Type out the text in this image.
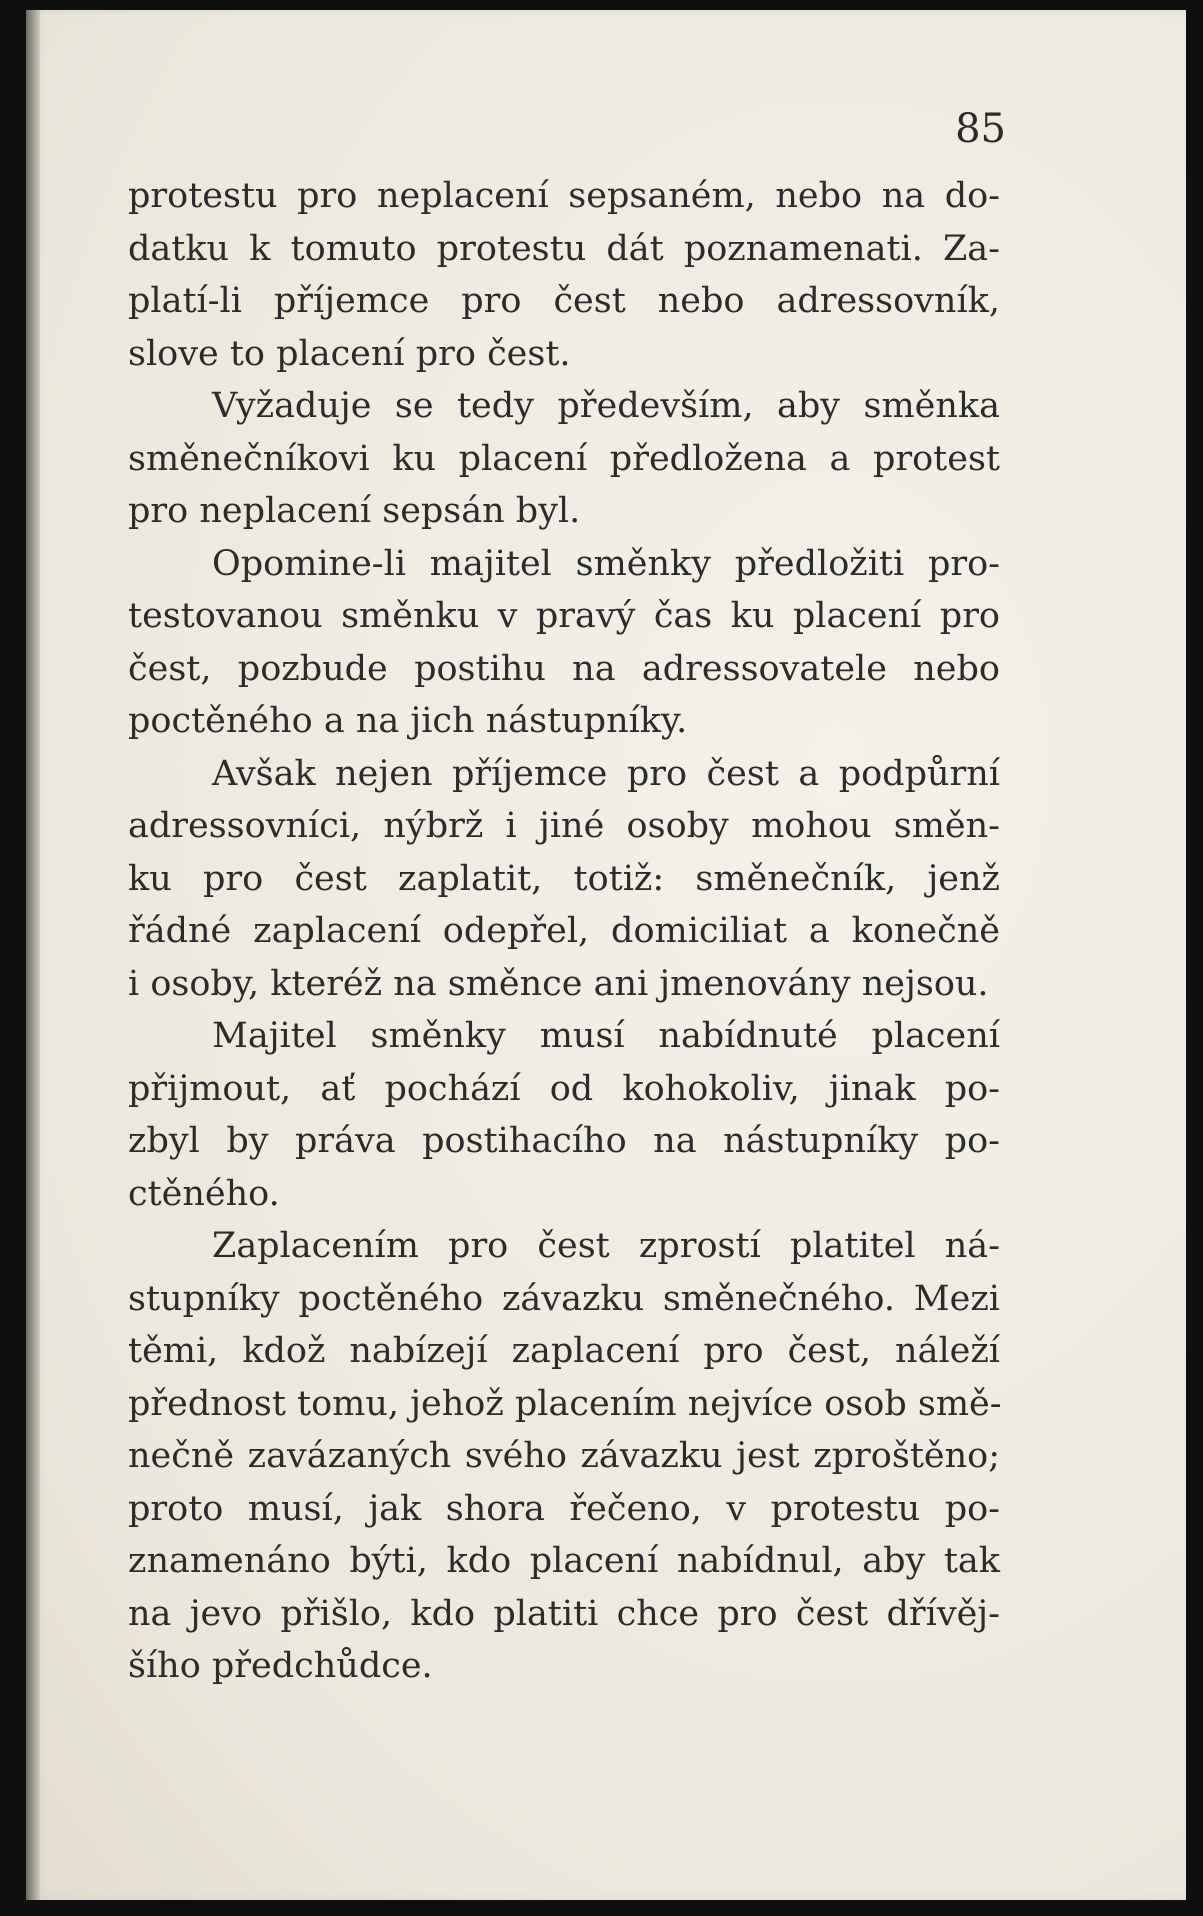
85

protestu pro neplacení sepsaném, nebo na do-
datku k tomuto protestu dát poznamenati. Za-
platí-li příjemce pro čest nebo adressovník,
slove to placení pro čest.

Vyžaduje se tedy především, aby směnka
směnečníkovi ku placení předložena a protest
pro neplacení sepsán byl.

Opomine-li majitel směnky předložiti pro-
testovanou směnku v pravý čas ku placení pro
čest, pozbude postihu na adressovatele nebo
poctěného a na jich nástupníky.

Avšak nejen příjemce pro čest a podpůrní
adressovníci, nýbrž i jiné osoby mohou směn-
ku pro čest zaplatit, totiž: směnečník, jenž
řádné zaplacení odepřel, domiciliat a konečně
i osoby, kteréž na směnce ani jmenovány nejsou.

Majitel směnky musí nabídnuté placení
přijmout, ať pochází od kohokoliv, jinak po-
zbyl by práva postihacího na nástupníky po-
ctěného.

Zaplacením pro čest zprostí platitel ná-
stupníky poctěného závazku směnečného. Mezi
těmi, kdož nabízejí zaplacení pro čest, náleží
přednost tomu, jehož placením nejvíce osob smě-
nečně zavázaných svého závazku jest zproštěno;
proto musí, jak shora řečeno, v protestu po-
znamenáno býti, kdo placení nabídnul, aby tak
na jevo přišlo, kdo platiti chce pro čest dřívěj-
šího předchůdce.
